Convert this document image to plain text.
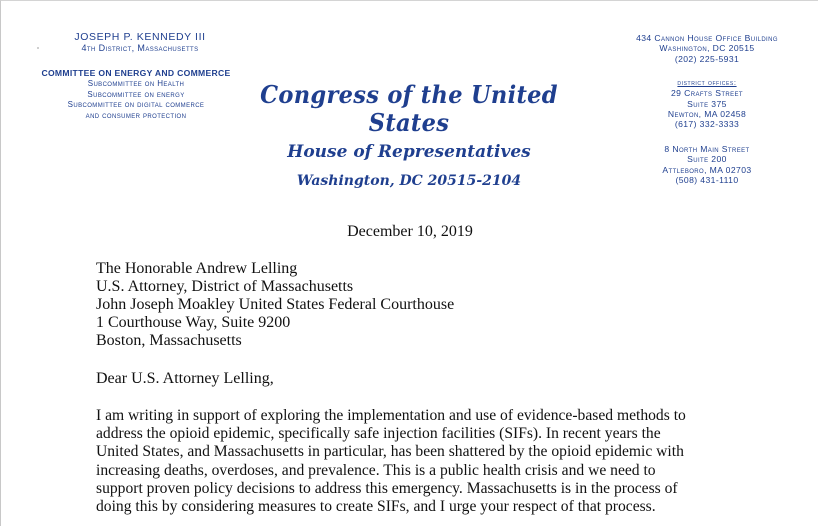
JOSEPH P. KENNEDY III
4th District, Massachusetts
COMMITTEE ON ENERGY AND COMMERCE
Subcommittee on Health
Subcommittee on energy
Subcommittee on digital commerce
and consumer protection
Congress of the United States
House of Representatives
Washington, DC 20515-2104
434 Cannon House Office Building
Washington, DC 20515
(202) 225-5931
district offices:
29 Crafts Street
Suite 375
Newton, MA 02458
(617) 332-3333
8 North Main Street
Suite 200
Attleboro, MA 02703
(508) 431-1110
December 10, 2019
The Honorable Andrew Lelling
U.S. Attorney, District of Massachusetts
John Joseph Moakley United States Federal Courthouse
1 Courthouse Way, Suite 9200
Boston, Massachusetts
Dear U.S. Attorney Lelling,
I am writing in support of exploring the implementation and use of evidence-based methods to
address the opioid epidemic, specifically safe injection facilities (SIFs). In recent years the
United States, and Massachusetts in particular, has been shattered by the opioid epidemic with
increasing deaths, overdoses, and prevalence. This is a public health crisis and we need to
support proven policy decisions to address this emergency. Massachusetts is in the process of
doing this by considering measures to create SIFs, and I urge your respect of that process.
